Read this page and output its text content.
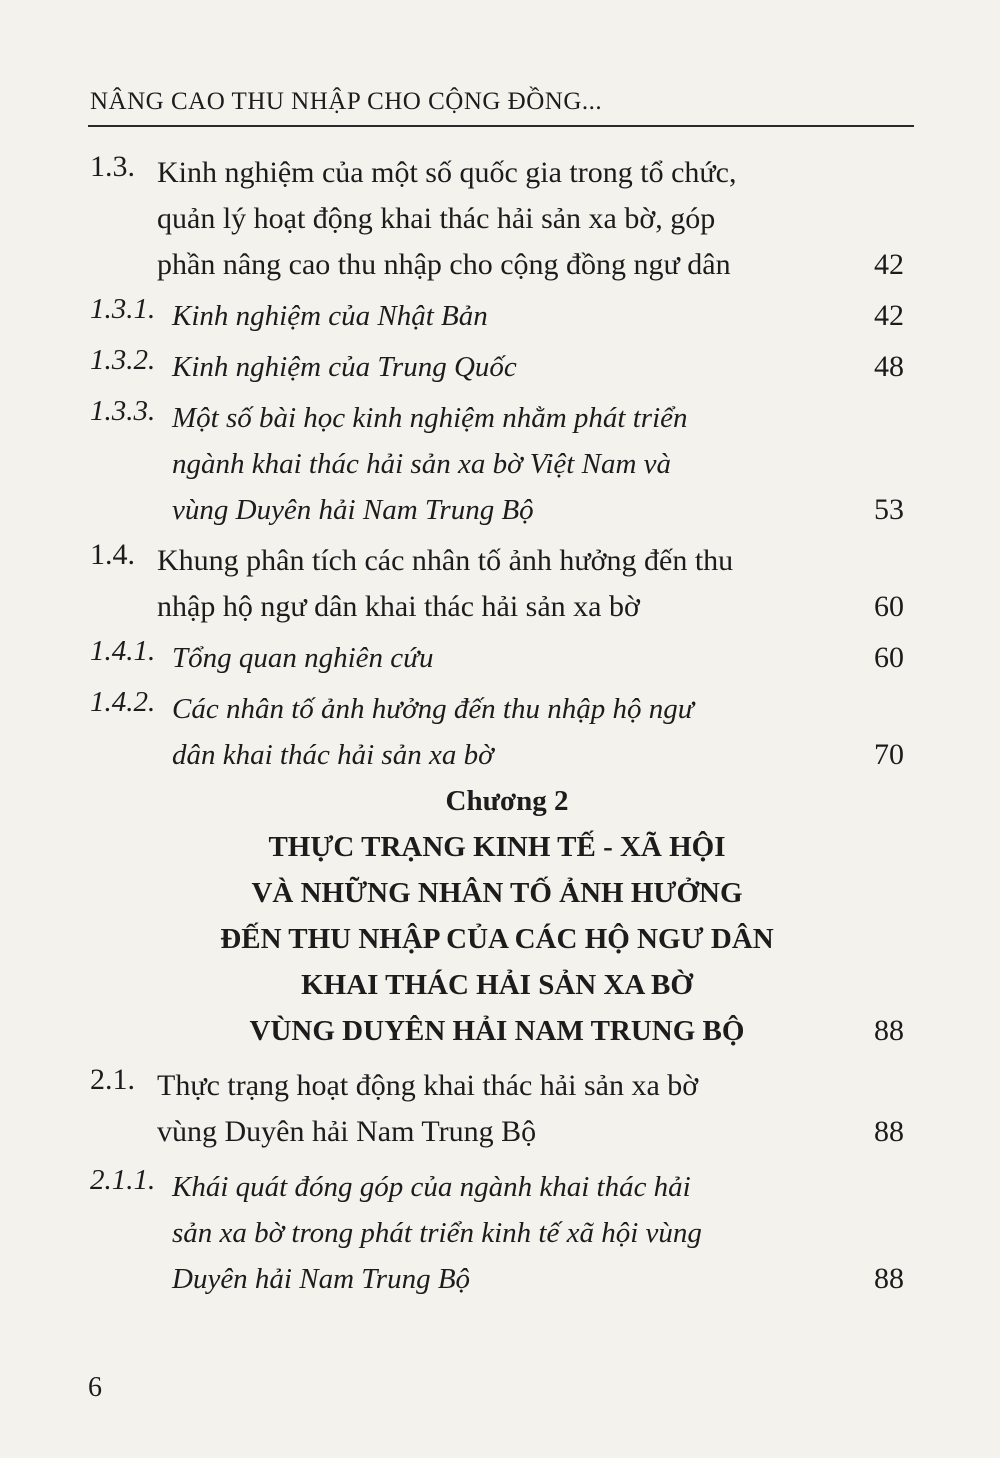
NÂNG CAO THU NHẬP CHO CỘNG ĐỒNG...
1.3. Kinh nghiệm của một số quốc gia trong tổ chức,
quản lý hoạt động khai thác hải sản xa bờ, góp
phần nâng cao thu nhập cho cộng đồng ngư dân	42
1.3.1. Kinh nghiệm của Nhật Bản	42
1.3.2. Kinh nghiệm của Trung Quốc	48
1.3.3. Một số bài học kinh nghiệm nhằm phát triển
ngành khai thác hải sản xa bờ Việt Nam và
vùng Duyên hải Nam Trung Bộ	53
1.4. Khung phân tích các nhân tố ảnh hưởng đến thu
nhập hộ ngư dân khai thác hải sản xa bờ	60
1.4.1. Tổng quan nghiên cứu	60
1.4.2. Các nhân tố ảnh hưởng đến thu nhập hộ ngư
dân khai thác hải sản xa bờ	70
Chương 2
THỰC TRẠNG KINH TẾ - XÃ HỘI
VÀ NHỮNG NHÂN TỐ ẢNH HƯỞNG
ĐẾN THU NHẬP CỦA CÁC HỘ NGƯ DÂN
KHAI THÁC HẢI SẢN XA BỜ
VÙNG DUYÊN HẢI NAM TRUNG BỘ	88
2.1. Thực trạng hoạt động khai thác hải sản xa bờ
vùng Duyên hải Nam Trung Bộ	88
2.1.1. Khái quát đóng góp của ngành khai thác hải
sản xa bờ trong phát triển kinh tế xã hội vùng
Duyên hải Nam Trung Bộ	88
6
